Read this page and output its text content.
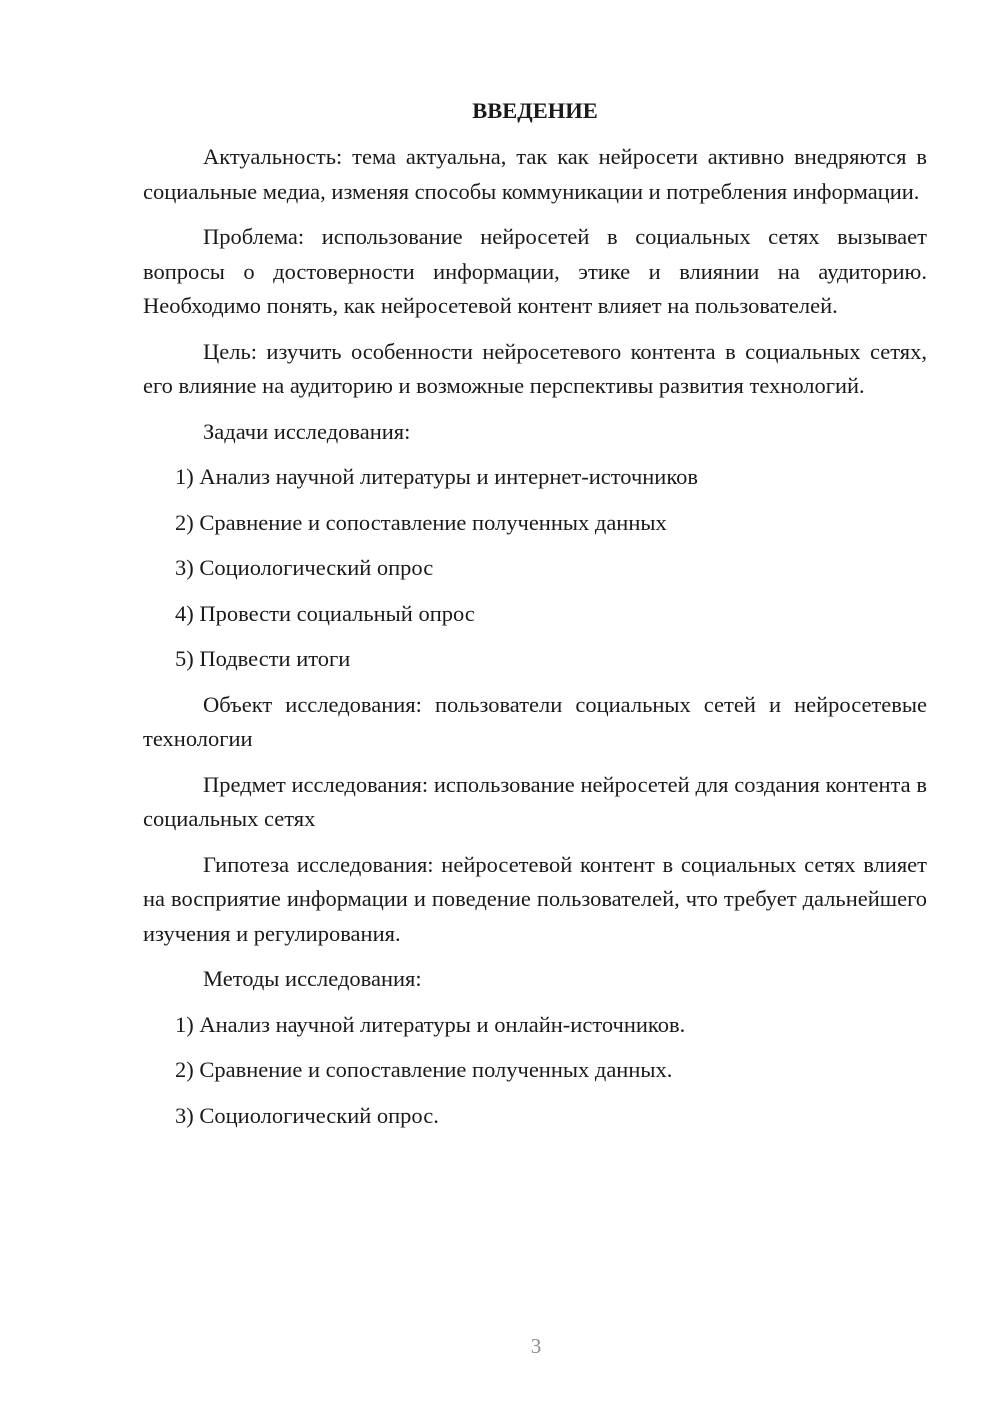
ВВЕДЕНИЕ

Актуальность: тема актуальна, так как нейросети активно внедряются в социальные медиа, изменяя способы коммуникации и потребления информации.

Проблема: использование нейросетей в социальных сетях вызывает вопросы о достоверности информации, этике и влиянии на аудиторию. Необходимо понять, как нейросетевой контент влияет на пользователей.

Цель: изучить особенности нейросетевого контента в социальных сетях, его влияние на аудиторию и возможные перспективы развития технологий.

Задачи исследования:

1) Анализ научной литературы и интернет-источников
2) Сравнение и сопоставление полученных данных
3) Социологический опрос
4) Провести социальный опрос
5) Подвести итоги

Объект исследования: пользователи социальных сетей и нейросетевые технологии

Предмет исследования: использование нейросетей для создания контента в социальных сетях

Гипотеза исследования: нейросетевой контент в социальных сетях влияет на восприятие информации и поведение пользователей, что требует дальнейшего изучения и регулирования.

Методы исследования:

1) Анализ научной литературы и онлайн-источников.
2) Сравнение и сопоставление полученных данных.
3) Социологический опрос.
3
